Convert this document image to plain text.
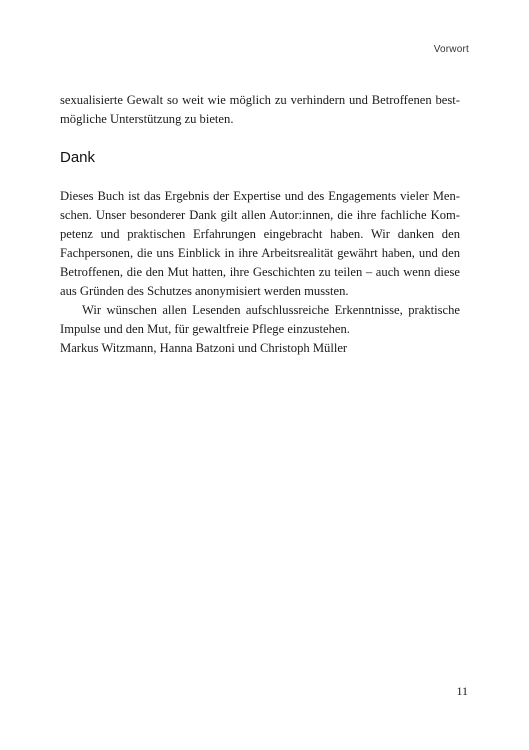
Vorwort

sexualisierte Gewalt so weit wie möglich zu verhindern und Betroffenen best-
mögliche Unterstützung zu bieten.

Dank

Dieses Buch ist das Ergebnis der Expertise und des Engagements vieler Men-
schen. Unser besonderer Dank gilt allen Autor:innen, die ihre fachliche Kom-
petenz und praktischen Erfahrungen eingebracht haben. Wir danken den
Fachpersonen, die uns Einblick in ihre Arbeitsrealität gewährt haben, und den
Betroffenen, die den Mut hatten, ihre Geschichten zu teilen – auch wenn diese
aus Gründen des Schutzes anonymisiert werden mussten.

Wir wünschen allen Lesenden aufschlussreiche Erkenntnisse, praktische
Impulse und den Mut, für gewaltfreie Pflege einzustehen.

Markus Witzmann, Hanna Batzoni und Christoph Müller

11
